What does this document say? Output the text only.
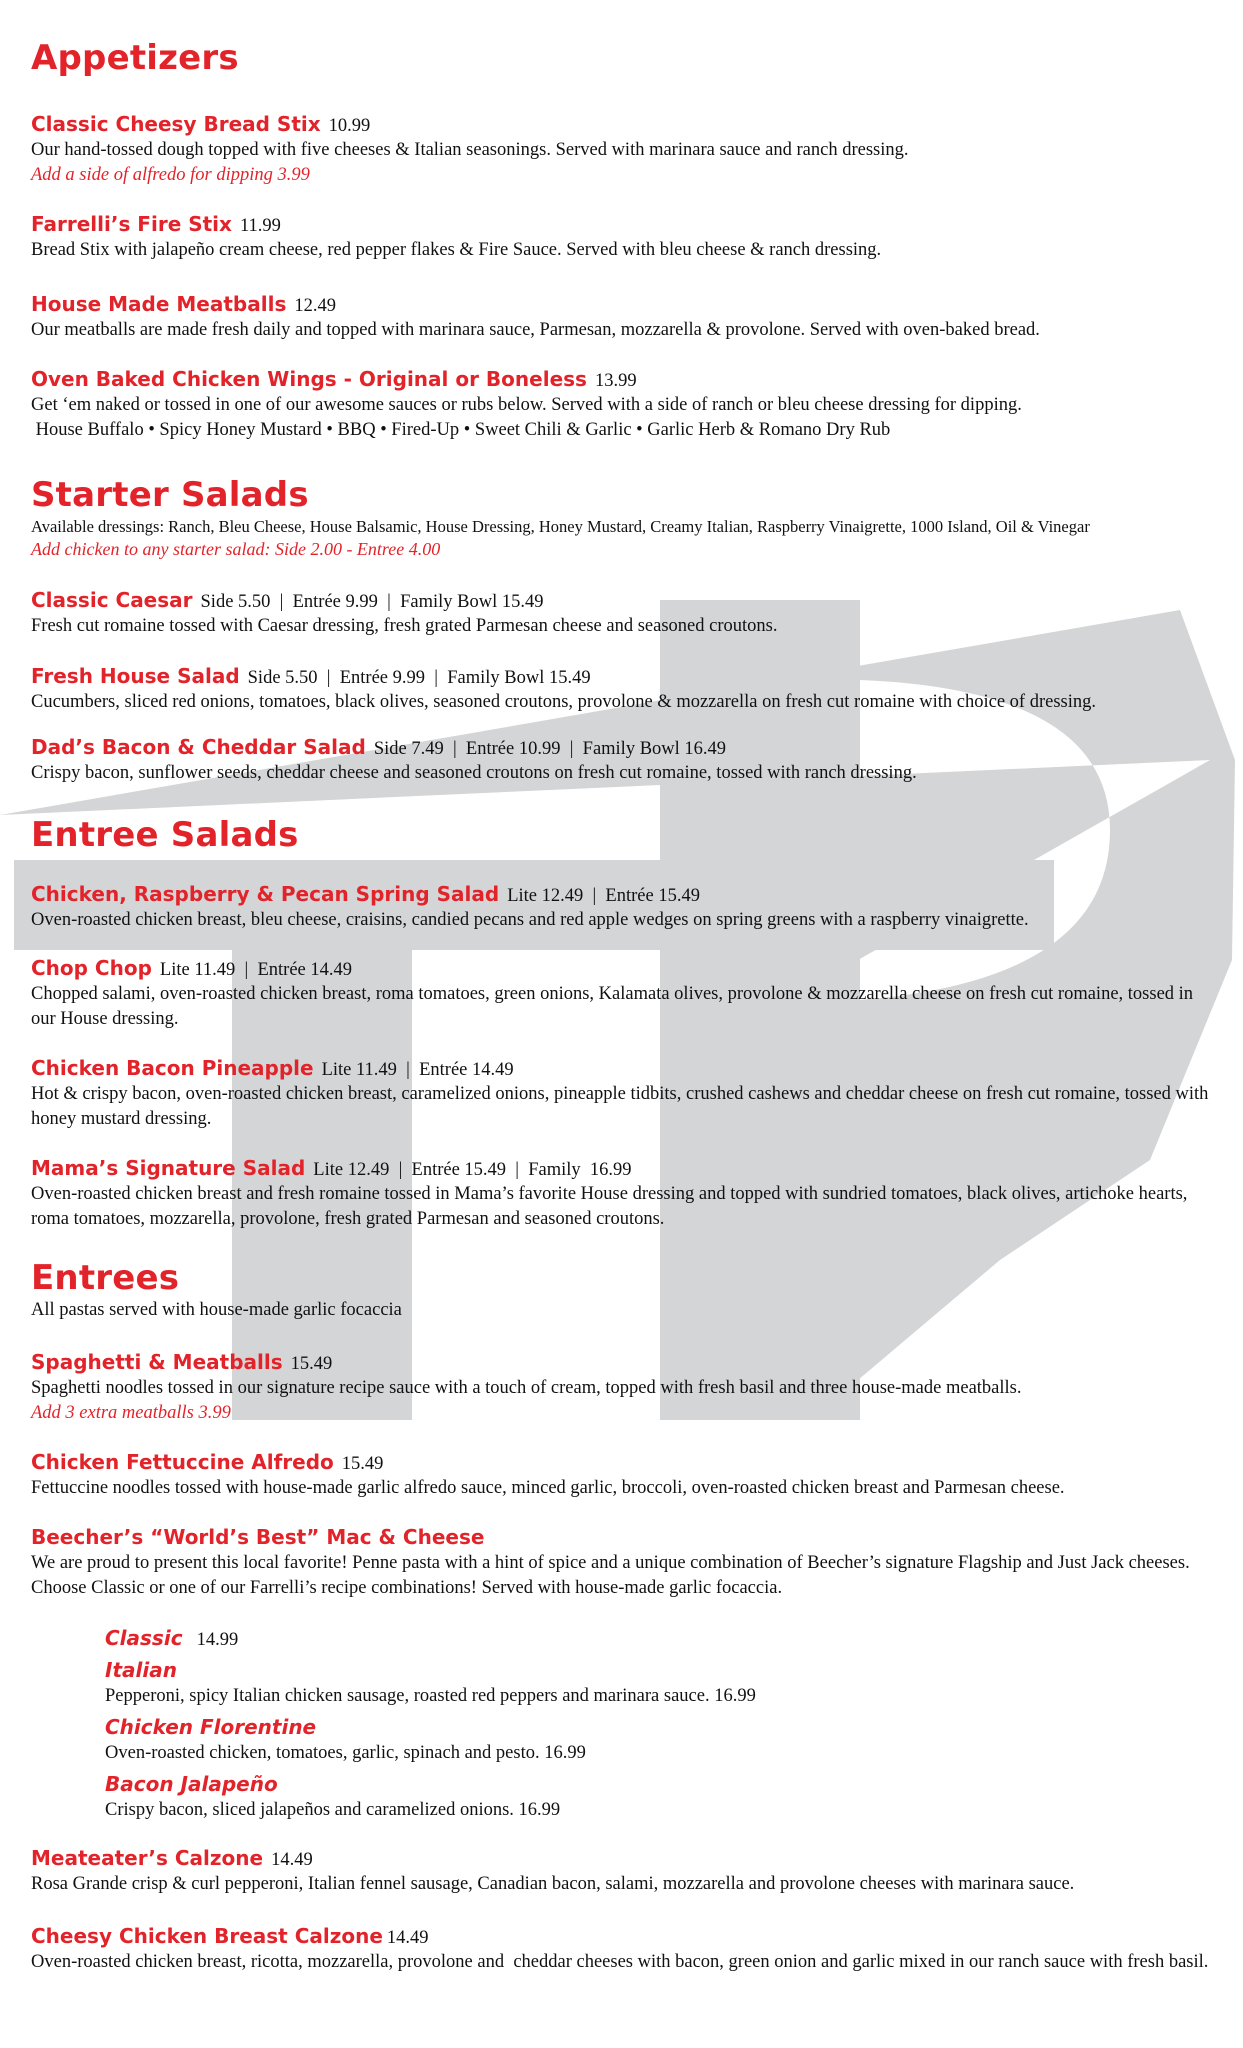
Appetizers
Classic Cheesy Bread Stix 10.99
Our hand-tossed dough topped with five cheeses & Italian seasonings. Served with marinara sauce and ranch dressing.
Add a side of alfredo for dipping 3.99
Farrelli’s Fire Stix 11.99
Bread Stix with jalapeño cream cheese, red pepper flakes & Fire Sauce. Served with bleu cheese & ranch dressing.
House Made Meatballs 12.49
Our meatballs are made fresh daily and topped with marinara sauce, Parmesan, mozzarella & provolone. Served with oven-baked bread.
Oven Baked Chicken Wings - Original or Boneless 13.99
Get ‘em naked or tossed in one of our awesome sauces or rubs below. Served with a side of ranch or bleu cheese dressing for dipping.
House Buffalo • Spicy Honey Mustard • BBQ • Fired-Up • Sweet Chili & Garlic • Garlic Herb & Romano Dry Rub
Starter Salads
Available dressings: Ranch, Bleu Cheese, House Balsamic, House Dressing, Honey Mustard, Creamy Italian, Raspberry Vinaigrette, 1000 Island, Oil & Vinegar
Add chicken to any starter salad: Side 2.00 - Entree 4.00
Classic Caesar Side 5.50  |  Entrée 9.99  |  Family Bowl 15.49
Fresh cut romaine tossed with Caesar dressing, fresh grated Parmesan cheese and seasoned croutons.
Fresh House Salad Side 5.50  |  Entrée 9.99  |  Family Bowl 15.49
Cucumbers, sliced red onions, tomatoes, black olives, seasoned croutons, provolone & mozzarella on fresh cut romaine with choice of dressing.
Dad’s Bacon & Cheddar Salad Side 7.49  |  Entrée 10.99  |  Family Bowl 16.49
Crispy bacon, sunflower seeds, cheddar cheese and seasoned croutons on fresh cut romaine, tossed with ranch dressing.
Entree Salads
Chicken, Raspberry & Pecan Spring Salad Lite 12.49  |  Entrée 15.49
Oven-roasted chicken breast, bleu cheese, craisins, candied pecans and red apple wedges on spring greens with a raspberry vinaigrette.
Chop Chop Lite 11.49  |  Entrée 14.49
Chopped salami, oven-roasted chicken breast, roma tomatoes, green onions, Kalamata olives, provolone & mozzarella cheese on fresh cut romaine, tossed in our House dressing.
Chicken Bacon Pineapple Lite 11.49  |  Entrée 14.49
Hot & crispy bacon, oven-roasted chicken breast, caramelized onions, pineapple tidbits, crushed cashews and cheddar cheese on fresh cut romaine, tossed with honey mustard dressing.
Mama’s Signature Salad Lite 12.49  |  Entrée 15.49  |  Family  16.99
Oven-roasted chicken breast and fresh romaine tossed in Mama’s favorite House dressing and topped with sundried tomatoes, black olives, artichoke hearts, roma tomatoes, mozzarella, provolone, fresh grated Parmesan and seasoned croutons.
Entrees
All pastas served with house-made garlic focaccia
Spaghetti & Meatballs 15.49
Spaghetti noodles tossed in our signature recipe sauce with a touch of cream, topped with fresh basil and three house-made meatballs.
Add 3 extra meatballs 3.99
Chicken Fettuccine Alfredo 15.49
Fettuccine noodles tossed with house-made garlic alfredo sauce, minced garlic, broccoli, oven-roasted chicken breast and Parmesan cheese.
Beecher’s “World’s Best” Mac & Cheese
We are proud to present this local favorite! Penne pasta with a hint of spice and a unique combination of Beecher’s signature Flagship and Just Jack cheeses. Choose Classic or one of our Farrelli’s recipe combinations! Served with house-made garlic focaccia.
Classic 14.99
Italian
Pepperoni, spicy Italian chicken sausage, roasted red peppers and marinara sauce. 16.99
Chicken Florentine
Oven-roasted chicken, tomatoes, garlic, spinach and pesto. 16.99
Bacon Jalapeño
Crispy bacon, sliced jalapeños and caramelized onions. 16.99
Meateater’s Calzone 14.49
Rosa Grande crisp & curl pepperoni, Italian fennel sausage, Canadian bacon, salami, mozzarella and provolone cheeses with marinara sauce.
Cheesy Chicken Breast Calzone 14.49
Oven-roasted chicken breast, ricotta, mozzarella, provolone and  cheddar cheeses with bacon, green onion and garlic mixed in our ranch sauce with fresh basil.
